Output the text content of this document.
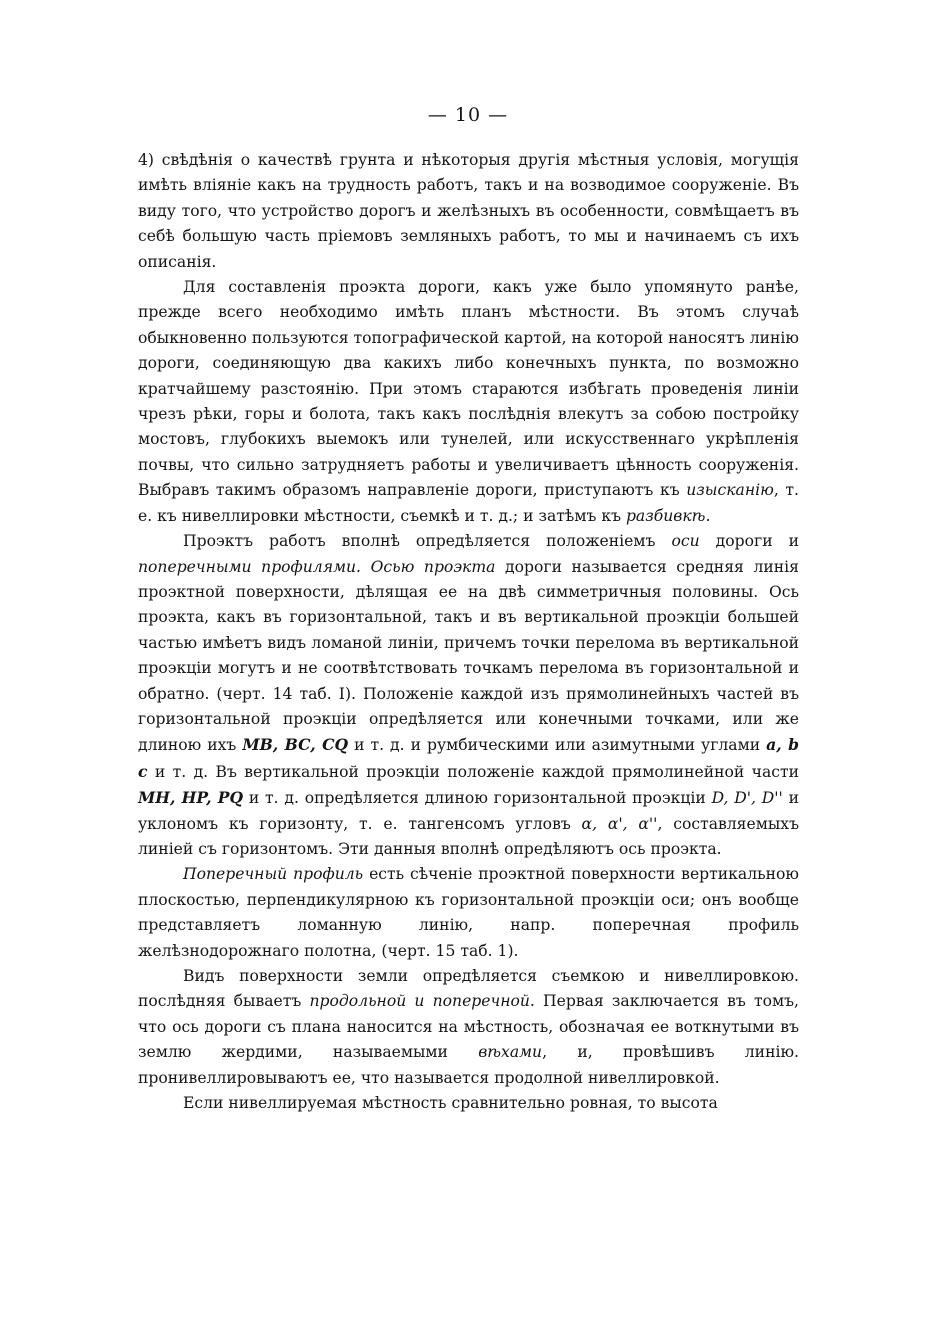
— 10 —

4) свѣдѣнія о качествѣ грунта и нѣкоторыя другія мѣстныя условія, могущія имѣть вліяніе какъ на трудность работъ, такъ и на возводимое сооруженіе. Въ виду того, что устройство дорогъ и желѣзныхъ въ особенности, совмѣщаетъ въ себѣ большую часть пріемовъ земляныхъ работъ, то мы и начинаемъ съ ихъ описанія.

Для составленія проэкта дороги, какъ уже было упомянуто ранѣе, прежде всего необходимо имѣть планъ мѣстности. Въ этомъ случаѣ обыкновенно пользуются топографической картой, на которой наносятъ линію дороги, соединяющую два какихъ либо конечныхъ пункта, по возможно кратчайшему разстоянію. При этомъ стараются избѣгать проведенія линіи чрезъ рѣки, горы и болота, такъ какъ послѣднія влекутъ за собою постройку мостовъ, глубокихъ выемокъ или тунелей, или искусственнаго укрѣпленія почвы, что сильно затрудняетъ работы и увеличиваетъ цѣнность сооруженія. Выбравъ такимъ образомъ направленіе дороги, приступаютъ къ изысканію, т. е. къ нивеллировки мѣстности, съемкѣ и т. д.; и затѣмъ къ разбивкѣ.

Проэктъ работъ вполнѣ опредѣляется положеніемъ оси дороги и поперечными профилями. Осью проэкта дороги называется средняя линія проэктной поверхности, дѣлящая ее на двѣ симметричныя половины. Ось проэкта, какъ въ горизонтальной, такъ и въ вертикальной проэкціи большей частью имѣетъ видъ ломаной линіи, причемъ точки перелома въ вертикальной проэкціи могутъ и не соотвѣтствовать точкамъ перелома въ горизонтальной и обратно. (черт. 14 таб. I). Положеніе каждой изъ прямолинейныхъ частей въ горизонтальной проэкціи опредѣляется или конечными точками, или же длиною ихъ MB, BC, CQ и т. д. и румбическими или азимутными углами a, b c и т. д. Въ вертикальной проэкціи положеніе каждой прямолинейной части MH, HP, PQ и т. д. опредѣляется длиною горизонтальной проэкціи D, D', D'' и уклономъ къ горизонту, т. е. тангенсомъ угловъ α, α', α'', составляемыхъ линіей съ горизонтомъ. Эти данныя вполнѣ опредѣляютъ ось проэкта.

Поперечный профиль есть сѣченіе проэктной поверхности вертикальною плоскостью, перпендикулярною къ горизонтальной проэкціи оси; онъ вообще представляетъ ломанную линію, напр. поперечная профиль желѣзнодорожнаго полотна, (черт. 15 таб. 1).

Видъ поверхности земли опредѣляется съемкою и нивеллировкою. послѣдняя бываетъ продольной и поперечной. Первая заключается въ томъ, что ось дороги съ плана наносится на мѣстность, обозначая ее воткнутыми въ землю жердими, называемыми вѣхами, и, провѣшивъ линію. пронивеллировываютъ ее, что называется продолной нивеллировкой.

Если нивеллируемая мѣстность сравнительно ровная, то высота
